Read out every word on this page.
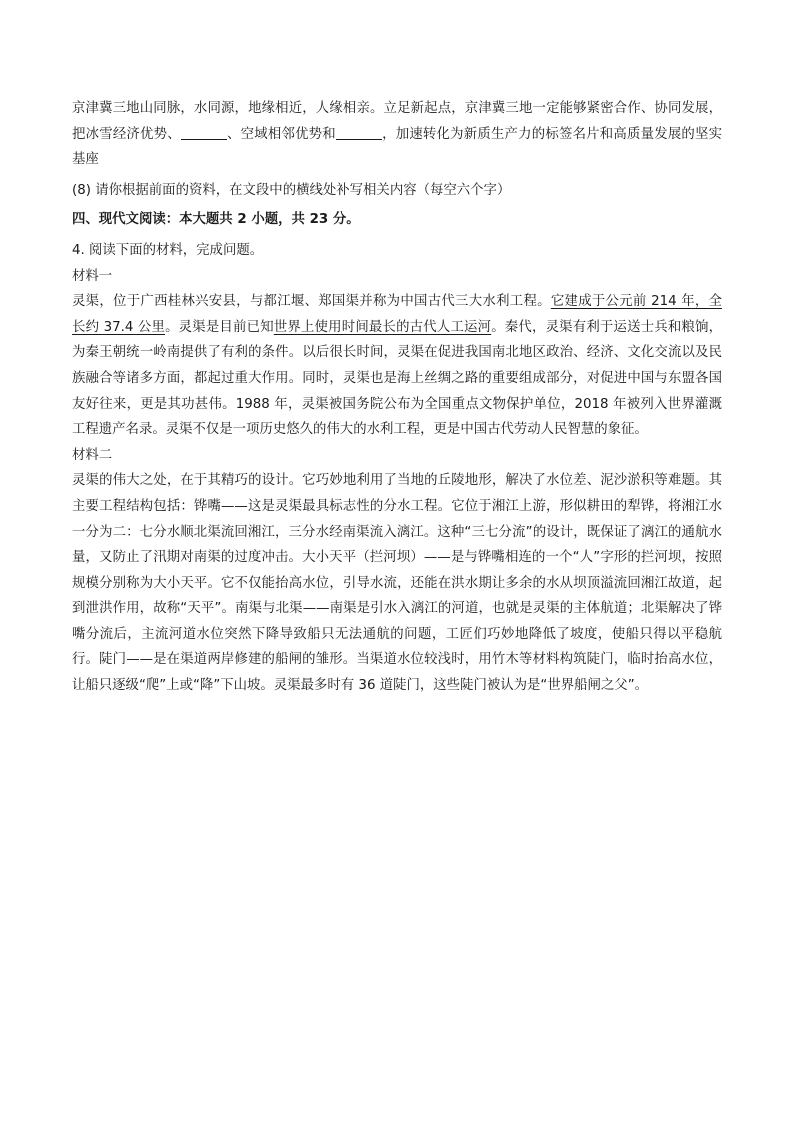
京津冀三地山同脉，水同源，地缘相近，人缘相亲。立足新起点，京津冀三地一定能够紧密合作、协同发展，把冰雪经济优势、	、空域相邻优势和	，加速转化为新质生产力的标签名片和高质量发展的坚实基座

(8) 请你根据前面的资料，在文段中的横线处补写相关内容（每空六个字）

四、现代文阅读：本大题共 2 小题，共 23 分。

4. 阅读下面的材料，完成问题。

材料一

灵渠，位于广西桂林兴安县，与都江堰、郑国渠并称为中国古代三大水利工程。它建成于公元前 214 年，全长约 37.4 公里。灵渠是目前已知世界上使用时间最长的古代人工运河。秦代，灵渠有利于运送士兵和粮饷，为秦王朝统一岭南提供了有利的条件。以后很长时间，灵渠在促进我国南北地区政治、经济、文化交流以及民族融合等诸多方面，都起过重大作用。同时，灵渠也是海上丝绸之路的重要组成部分，对促进中国与东盟各国友好往来，更是其功甚伟。1988 年，灵渠被国务院公布为全国重点文物保护单位，2018 年被列入世界灌溉工程遗产名录。灵渠不仅是一项历史悠久的伟大的水利工程，更是中国古代劳动人民智慧的象征。

材料二

灵渠的伟大之处，在于其精巧的设计。它巧妙地利用了当地的丘陵地形，解决了水位差、泥沙淤积等难题。其主要工程结构包括：铧嘴——这是灵渠最具标志性的分水工程。它位于湘江上游，形似耕田的犁铧，将湘江水一分为二：七分水顺北渠流回湘江，三分水经南渠流入漓江。这种“三七分流”的设计，既保证了漓江的通航水量，又防止了汛期对南渠的过度冲击。大小天平（拦河坝）——是与铧嘴相连的一个“人”字形的拦河坝，按照规模分别称为大小天平。它不仅能抬高水位，引导水流，还能在洪水期让多余的水从坝顶溢流回湘江故道，起到泄洪作用，故称“天平”。南渠与北渠——南渠是引水入漓江的河道，也就是灵渠的主体航道；北渠解决了铧嘴分流后，主流河道水位突然下降导致船只无法通航的问题，工匠们巧妙地降低了坡度，使船只得以平稳航行。陡门——是在渠道两岸修建的船闸的雏形。当渠道水位较浅时，用竹木等材料构筑陡门，临时抬高水位，让船只逐级“爬”上或“降”下山坡。灵渠最多时有 36 道陡门，这些陡门被认为是“世界船闸之父”。
